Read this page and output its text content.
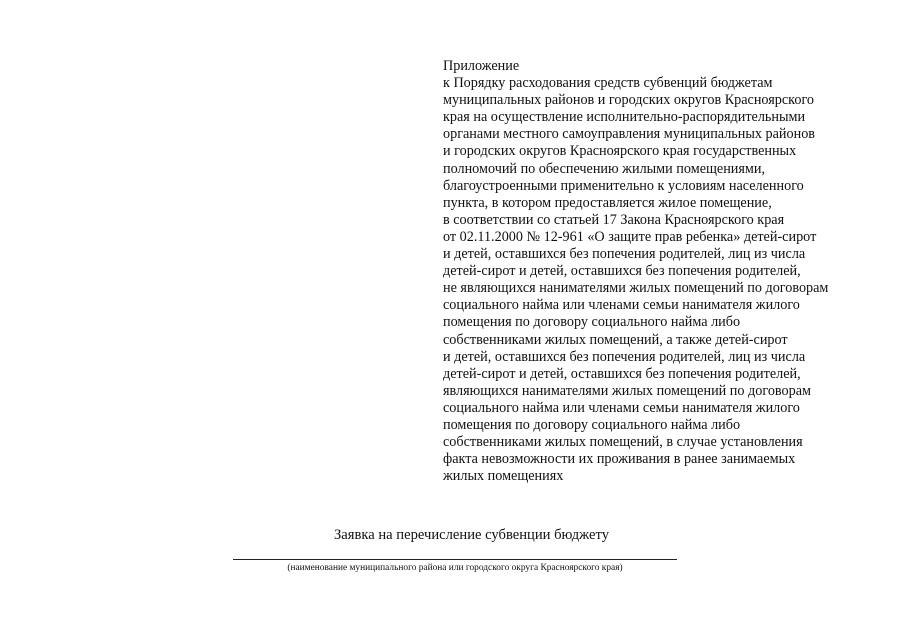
Приложение
к Порядку расходования средств субвенций бюджетам
муниципальных районов и городских округов Красноярского
края на осуществление исполнительно-распорядительными
органами местного самоуправления муниципальных районов
и городских округов Красноярского края государственных
полномочий по обеспечению жилыми помещениями,
благоустроенными применительно к условиям населенного
пункта, в котором предоставляется жилое помещение,
в соответствии со статьей 17 Закона Красноярского края
от 02.11.2000 № 12-961 «О защите прав ребенка» детей-сирот
и детей, оставшихся без попечения родителей, лиц из числа
детей-сирот и детей, оставшихся без попечения родителей,
не являющихся нанимателями жилых помещений по договорам
социального найма или членами семьи нанимателя жилого
помещения по договору социального найма либо
собственниками жилых помещений, а также детей-сирот
и детей, оставшихся без попечения родителей, лиц из числа
детей-сирот и детей, оставшихся без попечения родителей,
являющихся нанимателями жилых помещений по договорам
социального найма или членами семьи нанимателя жилого
помещения по договору социального найма либо
собственниками жилых помещений, в случае установления
факта невозможности их проживания в ранее занимаемых
жилых помещениях
Заявка на перечисление субвенции бюджету
(наименование муниципального района или городского округа Красноярского края)
